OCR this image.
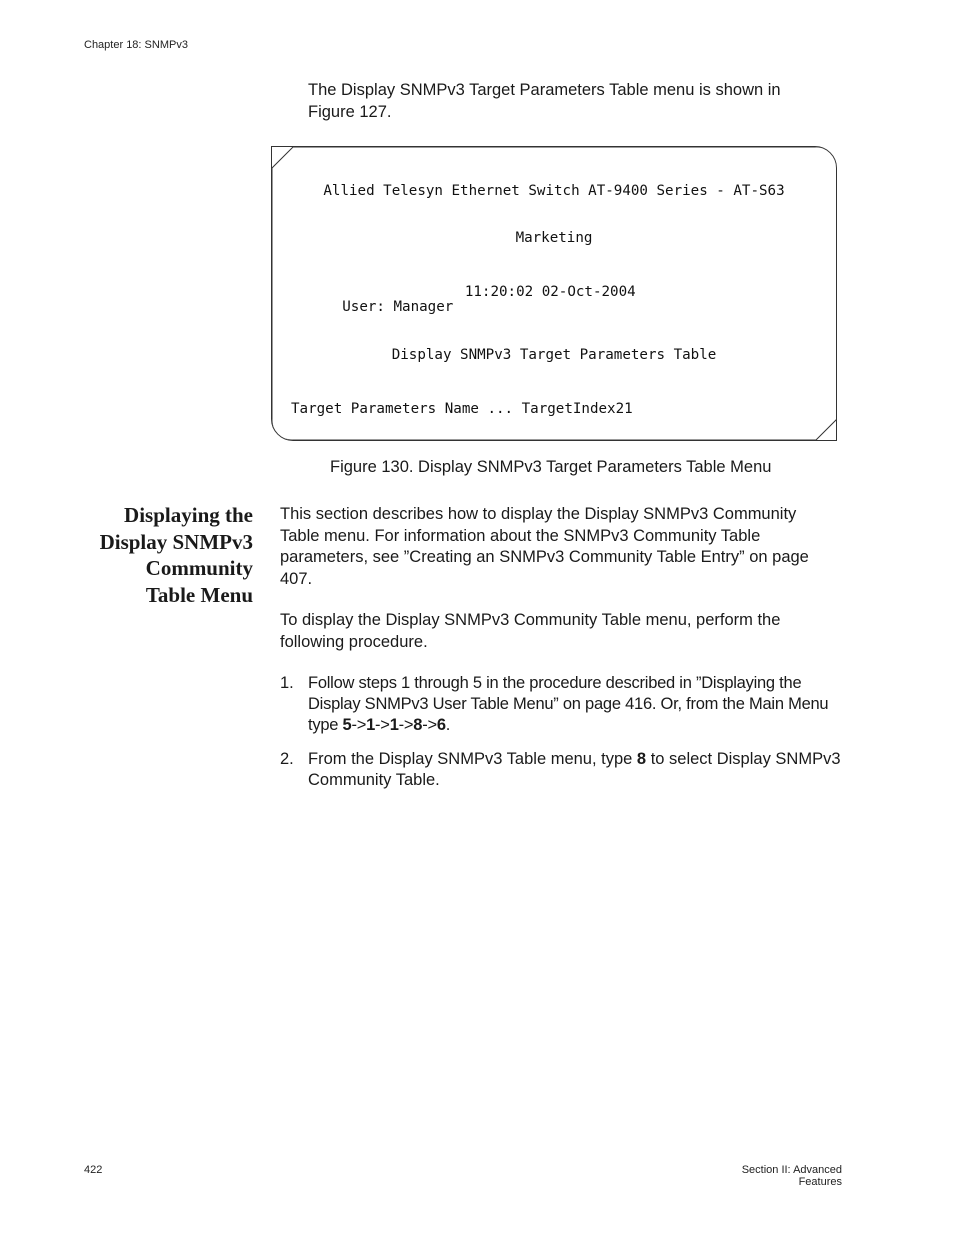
Chapter 18: SNMPv3
The Display SNMPv3 Target Parameters Table menu is shown in Figure 127.

Allied Telesyn Ethernet Switch AT-9400 Series - AT-S63

Marketing

User: Manager

11:20:02 02-Oct-2004

Display SNMPv3 Target Parameters Table

Target Parameters Name ... TargetIndex21

Figure 130. Display SNMPv3 Target Parameters Table Menu
Displaying the
Display SNMPv3
Community
Table Menu
This section describes how to display the Display SNMPv3 Community Table menu. For information about the SNMPv3 Community Table parameters, see ”Creating an SNMPv3 Community Table Entry” on page 407.
To display the Display SNMPv3 Community Table menu, perform the following procedure.
1. Follow steps 1 through 5 in the procedure described in ”Displaying the Display SNMPv3 User Table Menu” on page 416. Or, from the Main Menu type 5->1->1->8->6.
2. From the Display SNMPv3 Table menu, type 8 to select Display SNMPv3 Community Table.
422	Section II: Advanced Features
